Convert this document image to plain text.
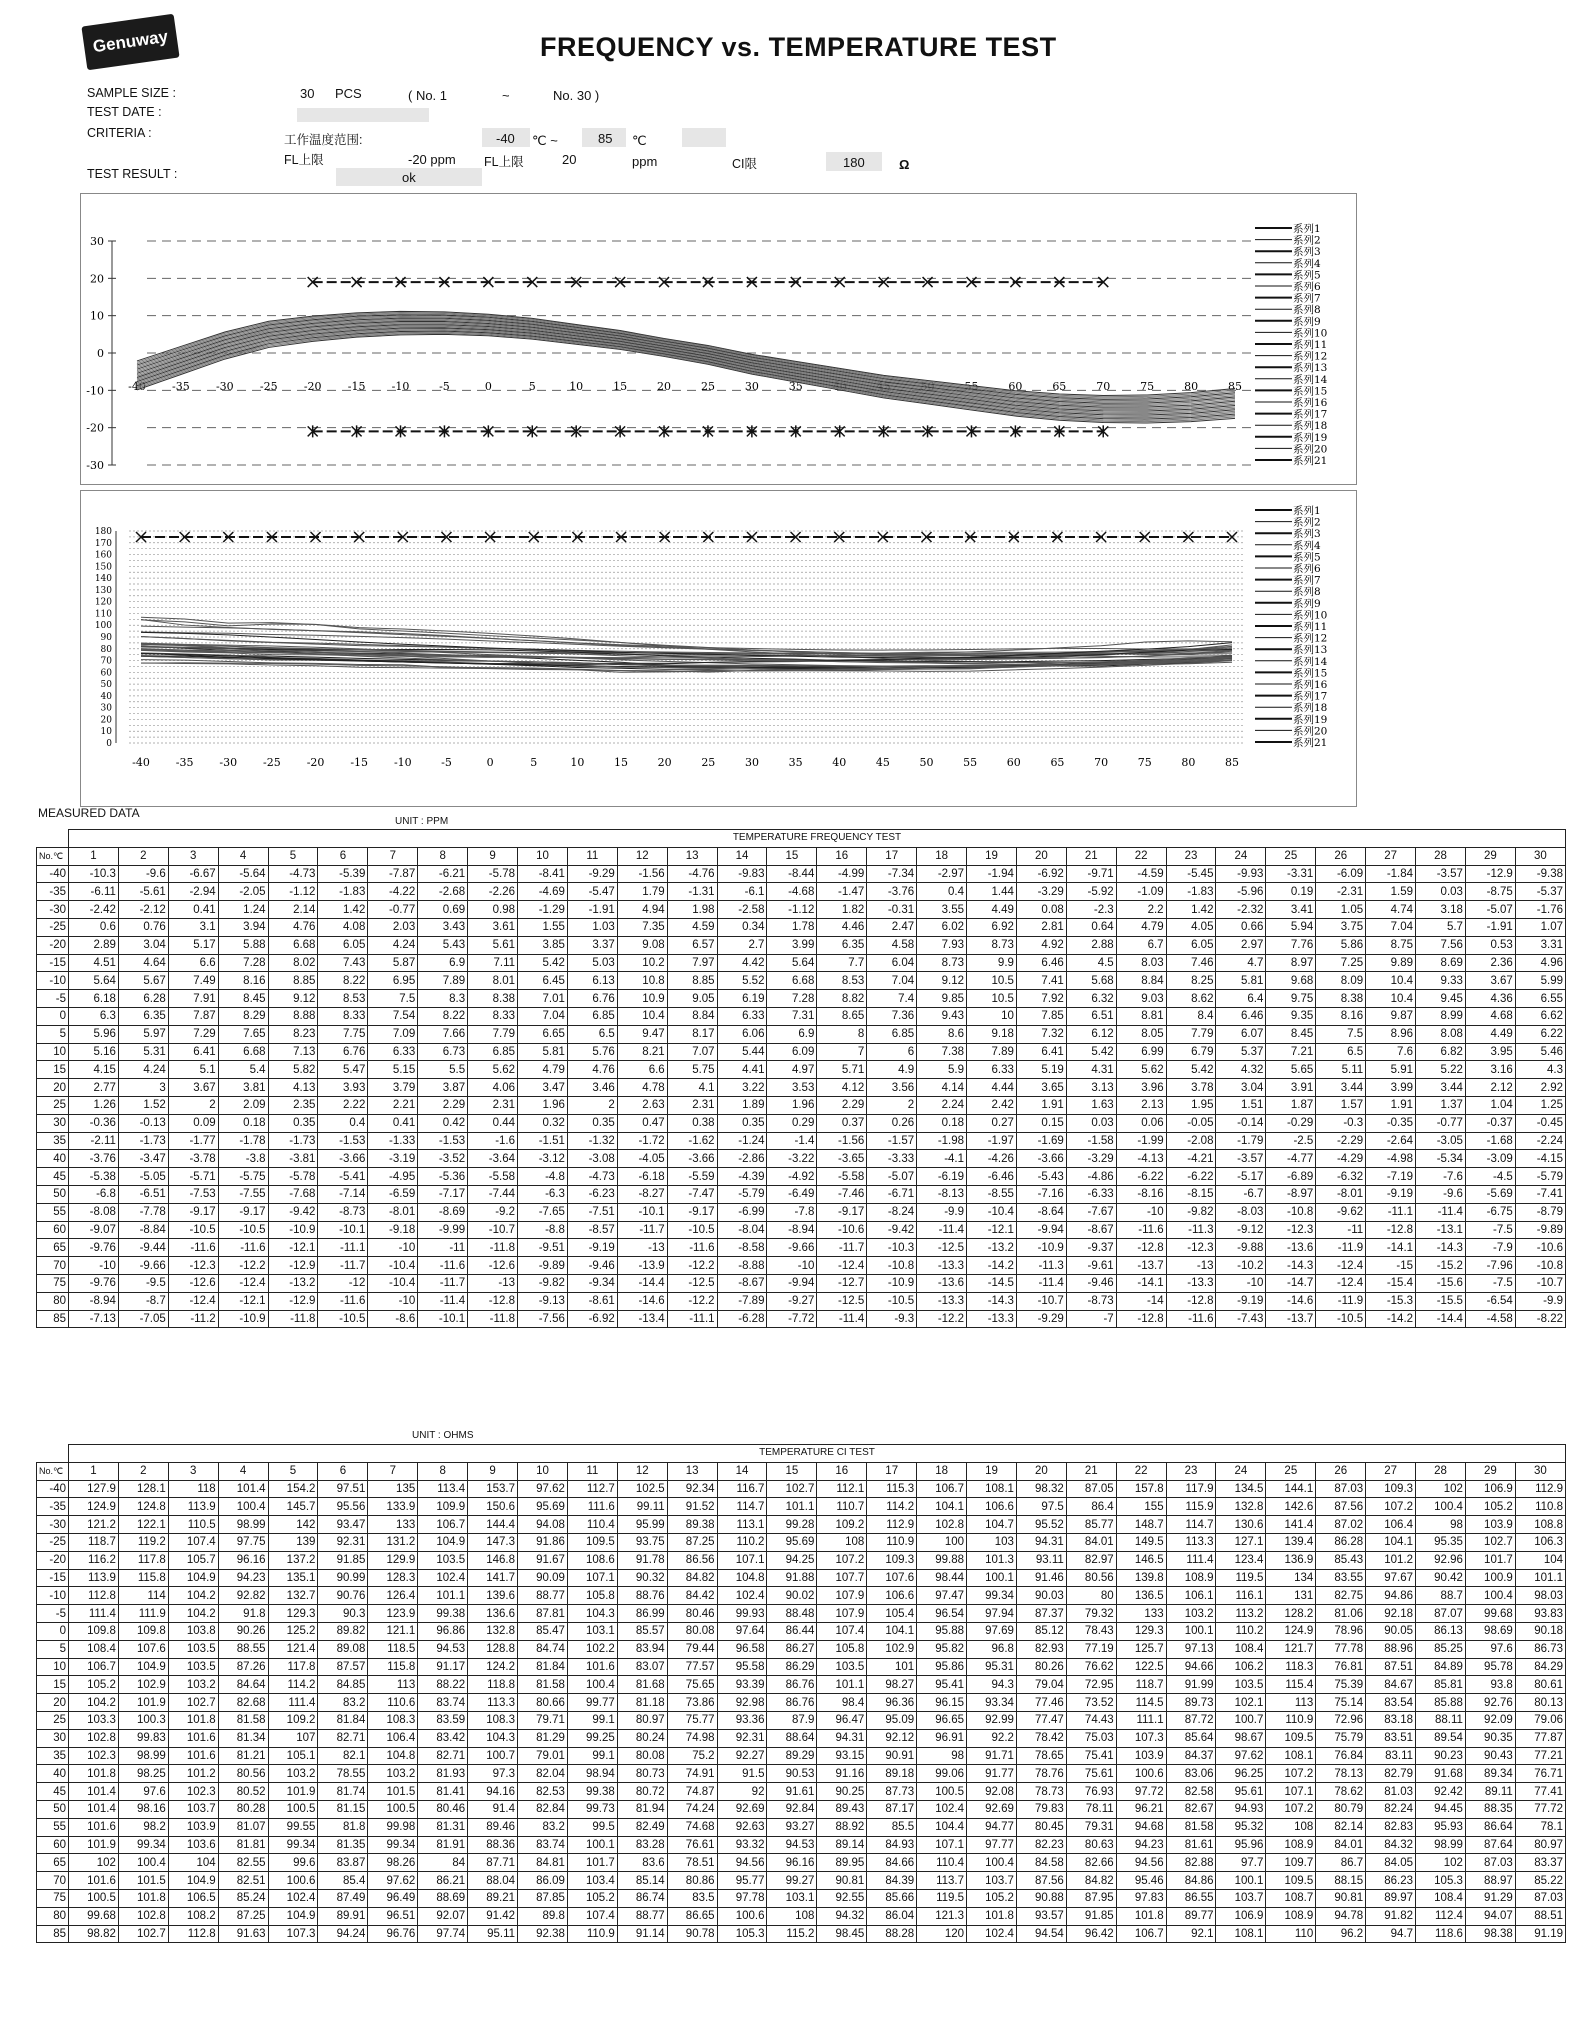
Genuway	FREQUENCY vs. TEMPERATURE TEST
SAMPLE SIZE :	30 PCS	( No. 1	~	No. 30 )
TEST DATE :
CRITERIA :	工作温度范围:	-40 ℃ ~	85 ℃
FL上限	-20 ppm FL上限	20	ppm	CI限	180	Ω
TEST RESULT :	ok
30
20
10
0
-10
-20
-30
-40 -35 -30 -25 -20 -15 -10	-5	0	5	10	15	20	25	30	35	40	45	50	55	60	65	70	75	80	85
系列1
系列2
系列3
系列4
系列5
系列6
系列7
系列8
系列9
系列10
系列11
系列12
系列13
系列14
系列15
系列16
系列17
系列18
系列19
系列20
系列21
180
170
160
150
140
130
120
110
100
90
80
70
60
50
40
30
20
10
0
-40 -35 -30 -25 -20 -15 -10	-5	0	5	10	15	20	25	30	35	40	45	50	55	60	65	70	75	80	85
系列1
系列2
系列3
系列4
系列5
系列6
系列7
系列8
系列9
系列10
系列11
系列12
系列13
系列14
系列15
系列16
系列17
系列18
系列19
系列20
系列21
MEASURED DATA
UNIT : PPM
	TEMPERATURE FREQUENCY TEST																													

No.℃	1	2	3	4	5	6	7	8	9	10	11	12	13	14	15	16	17	18	19	20	21	22	23	24	25	26	27	28	29	30
-40	-10.3	-9.6	-6.67	-5.64	-4.73	-5.39	-7.87	-6.21	-5.78	-8.41	-9.29	-1.56	-4.76	-9.83	-8.44	-4.99	-7.34	-2.97	-1.94	-6.92	-9.71	-4.59	-5.45	-9.93	-3.31	-6.09	-1.84	-3.57	-12.9	-9.38
-35	-6.11	-5.61	-2.94	-2.05	-1.12	-1.83	-4.22	-2.68	-2.26	-4.69	-5.47	1.79	-1.31	-6.1	-4.68	-1.47	-3.76	0.4	1.44	-3.29	-5.92	-1.09	-1.83	-5.96	0.19	-2.31	1.59	0.03	-8.75	-5.37
-30	-2.42	-2.12	0.41	1.24	2.14	1.42	-0.77	0.69	0.98	-1.29	-1.91	4.94	1.98	-2.58	-1.12	1.82	-0.31	3.55	4.49	0.08	-2.3	2.2	1.42	-2.32	3.41	1.05	4.74	3.18	-5.07	-1.76
-25	0.6	0.76	3.1	3.94	4.76	4.08	2.03	3.43	3.61	1.55	1.03	7.35	4.59	0.34	1.78	4.46	2.47	6.02	6.92	2.81	0.64	4.79	4.05	0.66	5.94	3.75	7.04	5.7	-1.91	1.07
-20	2.89	3.04	5.17	5.88	6.68	6.05	4.24	5.43	5.61	3.85	3.37	9.08	6.57	2.7	3.99	6.35	4.58	7.93	8.73	4.92	2.88	6.7	6.05	2.97	7.76	5.86	8.75	7.56	0.53	3.31
-15	4.51	4.64	6.6	7.28	8.02	7.43	5.87	6.9	7.11	5.42	5.03	10.2	7.97	4.42	5.64	7.7	6.04	8.73	9.9	6.46	4.5	8.03	7.46	4.7	8.97	7.25	9.89	8.69	2.36	4.96
-10	5.64	5.67	7.49	8.16	8.85	8.22	6.95	7.89	8.01	6.45	6.13	10.8	8.85	5.52	6.68	8.53	7.04	9.12	10.5	7.41	5.68	8.84	8.25	5.81	9.68	8.09	10.4	9.33	3.67	5.99
-5	6.18	6.28	7.91	8.45	9.12	8.53	7.5	8.3	8.38	7.01	6.76	10.9	9.05	6.19	7.28	8.82	7.4	9.85	10.5	7.92	6.32	9.03	8.62	6.4	9.75	8.38	10.4	9.45	4.36	6.55
0	6.3	6.35	7.87	8.29	8.88	8.33	7.54	8.22	8.33	7.04	6.85	10.4	8.84	6.33	7.31	8.65	7.36	9.43	10	7.85	6.51	8.81	8.4	6.46	9.35	8.16	9.87	8.99	4.68	6.62
5	5.96	5.97	7.29	7.65	8.23	7.75	7.09	7.66	7.79	6.65	6.5	9.47	8.17	6.06	6.9	8	6.85	8.6	9.18	7.32	6.12	8.05	7.79	6.07	8.45	7.5	8.96	8.08	4.49	6.22
10	5.16	5.31	6.41	6.68	7.13	6.76	6.33	6.73	6.85	5.81	5.76	8.21	7.07	5.44	6.09	7	6	7.38	7.89	6.41	5.42	6.99	6.79	5.37	7.21	6.5	7.6	6.82	3.95	5.46
15	4.15	4.24	5.1	5.4	5.82	5.47	5.15	5.5	5.62	4.79	4.76	6.6	5.75	4.41	4.97	5.71	4.9	5.9	6.33	5.19	4.31	5.62	5.42	4.32	5.65	5.11	5.91	5.22	3.16	4.3
20	2.77	3	3.67	3.81	4.13	3.93	3.79	3.87	4.06	3.47	3.46	4.78	4.1	3.22	3.53	4.12	3.56	4.14	4.44	3.65	3.13	3.96	3.78	3.04	3.91	3.44	3.99	3.44	2.12	2.92
25	1.26	1.52	2	2.09	2.35	2.22	2.21	2.29	2.31	1.96	2	2.63	2.31	1.89	1.96	2.29	2	2.24	2.42	1.91	1.63	2.13	1.95	1.51	1.87	1.57	1.91	1.37	1.04	1.25
30	-0.36	-0.13	0.09	0.18	0.35	0.4	0.41	0.42	0.44	0.32	0.35	0.47	0.38	0.35	0.29	0.37	0.26	0.18	0.27	0.15	0.03	0.06	-0.05	-0.14	-0.29	-0.3	-0.35	-0.77	-0.37	-0.45
35	-2.11	-1.73	-1.77	-1.78	-1.73	-1.53	-1.33	-1.53	-1.6	-1.51	-1.32	-1.72	-1.62	-1.24	-1.4	-1.56	-1.57	-1.98	-1.97	-1.69	-1.58	-1.99	-2.08	-1.79	-2.5	-2.29	-2.64	-3.05	-1.68	-2.24
40	-3.76	-3.47	-3.78	-3.8	-3.81	-3.66	-3.19	-3.52	-3.64	-3.12	-3.08	-4.05	-3.66	-2.86	-3.22	-3.65	-3.33	-4.1	-4.26	-3.66	-3.29	-4.13	-4.21	-3.57	-4.77	-4.29	-4.98	-5.34	-3.09	-4.15
45	-5.38	-5.05	-5.71	-5.75	-5.78	-5.41	-4.95	-5.36	-5.58	-4.8	-4.73	-6.18	-5.59	-4.39	-4.92	-5.58	-5.07	-6.19	-6.46	-5.43	-4.86	-6.22	-6.22	-5.17	-6.89	-6.32	-7.19	-7.6	-4.5	-5.79
50	-6.8	-6.51	-7.53	-7.55	-7.68	-7.14	-6.59	-7.17	-7.44	-6.3	-6.23	-8.27	-7.47	-5.79	-6.49	-7.46	-6.71	-8.13	-8.55	-7.16	-6.33	-8.16	-8.15	-6.7	-8.97	-8.01	-9.19	-9.6	-5.69	-7.41
55	-8.08	-7.78	-9.17	-9.17	-9.42	-8.73	-8.01	-8.69	-9.2	-7.65	-7.51	-10.1	-9.17	-6.99	-7.8	-9.17	-8.24	-9.9	-10.4	-8.64	-7.67	-10	-9.82	-8.03	-10.8	-9.62	-11.1	-11.4	-6.75	-8.79
60	-9.07	-8.84	-10.5	-10.5	-10.9	-10.1	-9.18	-9.99	-10.7	-8.8	-8.57	-11.7	-10.5	-8.04	-8.94	-10.6	-9.42	-11.4	-12.1	-9.94	-8.67	-11.6	-11.3	-9.12	-12.3	-11	-12.8	-13.1	-7.5	-9.89
65	-9.76	-9.44	-11.6	-11.6	-12.1	-11.1	-10	-11	-11.8	-9.51	-9.19	-13	-11.6	-8.58	-9.66	-11.7	-10.3	-12.5	-13.2	-10.9	-9.37	-12.8	-12.3	-9.88	-13.6	-11.9	-14.1	-14.3	-7.9	-10.6
70	-10	-9.66	-12.3	-12.2	-12.9	-11.7	-10.4	-11.6	-12.6	-9.89	-9.46	-13.9	-12.2	-8.88	-10	-12.4	-10.8	-13.3	-14.2	-11.3	-9.61	-13.7	-13	-10.2	-14.3	-12.4	-15	-15.2	-7.96	-10.8
75	-9.76	-9.5	-12.6	-12.4	-13.2	-12	-10.4	-11.7	-13	-9.82	-9.34	-14.4	-12.5	-8.67	-9.94	-12.7	-10.9	-13.6	-14.5	-11.4	-9.46	-14.1	-13.3	-10	-14.7	-12.4	-15.4	-15.6	-7.5	-10.7
80	-8.94	-8.7	-12.4	-12.1	-12.9	-11.6	-10	-11.4	-12.8	-9.13	-8.61	-14.6	-12.2	-7.89	-9.27	-12.5	-10.5	-13.3	-14.3	-10.7	-8.73	-14	-12.8	-9.19	-14.6	-11.9	-15.3	-15.5	-6.54	-9.9
85	-7.13	-7.05	-11.2	-10.9	-11.8	-10.5	-8.6	-10.1	-11.8	-7.56	-6.92	-13.4	-11.1	-6.28	-7.72	-11.4	-9.3	-12.2	-13.3	-9.29	-7	-12.8	-11.6	-7.43	-13.7	-10.5	-14.2	-14.4	-4.58	-8.22
UNIT : OHMS
	TEMPERATURE CI TEST																													

No.℃	1	2	3	4	5	6	7	8	9	10	11	12	13	14	15	16	17	18	19	20	21	22	23	24	25	26	27	28	29	30
-40	127.9	128.1	118	101.4	154.2	97.51	135	113.4	153.7	97.62	112.7	102.5	92.34	116.7	102.7	112.1	115.3	106.7	108.1	98.32	87.05	157.8	117.9	134.5	144.1	87.03	109.3	102	106.9	112.9
-35	124.9	124.8	113.9	100.4	145.7	95.56	133.9	109.9	150.6	95.69	111.6	99.11	91.52	114.7	101.1	110.7	114.2	104.1	106.6	97.5	86.4	155	115.9	132.8	142.6	87.56	107.2	100.4	105.2	110.8
-30	121.2	122.1	110.5	98.99	142	93.47	133	106.7	144.4	94.08	110.4	95.99	89.38	113.1	99.28	109.2	112.9	102.8	104.7	95.52	85.77	148.7	114.7	130.6	141.4	87.02	106.4	98	103.9	108.8
-25	118.7	119.2	107.4	97.75	139	92.31	131.2	104.9	147.3	91.86	109.5	93.75	87.25	110.2	95.69	108	110.9	100	103	94.31	84.01	149.5	113.3	127.1	139.4	86.28	104.1	95.35	102.7	106.3
-20	116.2	117.8	105.7	96.16	137.2	91.85	129.9	103.5	146.8	91.67	108.6	91.78	86.56	107.1	94.25	107.2	109.3	99.88	101.3	93.11	82.97	146.5	111.4	123.4	136.9	85.43	101.2	92.96	101.7	104
-15	113.9	115.8	104.9	94.23	135.1	90.99	128.3	102.4	141.7	90.09	107.1	90.32	84.82	104.8	91.88	107.7	107.6	98.44	100.1	91.46	80.56	139.8	108.9	119.5	134	83.55	97.67	90.42	100.9	101.1
-10	112.8	114	104.2	92.82	132.7	90.76	126.4	101.1	139.6	88.77	105.8	88.76	84.42	102.4	90.02	107.9	106.6	97.47	99.34	90.03	80	136.5	106.1	116.1	131	82.75	94.86	88.7	100.4	98.03
-5	111.4	111.9	104.2	91.8	129.3	90.3	123.9	99.38	136.6	87.81	104.3	86.99	80.46	99.93	88.48	107.9	105.4	96.54	97.94	87.37	79.32	133	103.2	113.2	128.2	81.06	92.18	87.07	99.68	93.83
0	109.8	109.8	103.8	90.26	125.2	89.82	121.1	96.86	132.8	85.47	103.1	85.57	80.08	97.64	86.44	107.4	104.1	95.88	97.69	85.12	78.43	129.3	100.1	110.2	124.9	78.96	90.05	86.13	98.69	90.18
5	108.4	107.6	103.5	88.55	121.4	89.08	118.5	94.53	128.8	84.74	102.2	83.94	79.44	96.58	86.27	105.8	102.9	95.82	96.8	82.93	77.19	125.7	97.13	108.4	121.7	77.78	88.96	85.25	97.6	86.73
10	106.7	104.9	103.5	87.26	117.8	87.57	115.8	91.17	124.2	81.84	101.6	83.07	77.57	95.58	86.29	103.5	101	95.86	95.31	80.26	76.62	122.5	94.66	106.2	118.3	76.81	87.51	84.89	95.78	84.29
15	105.2	102.9	103.2	84.64	114.2	84.85	113	88.22	118.8	81.58	100.4	81.68	75.65	93.39	86.76	101.1	98.27	95.41	94.3	79.04	72.95	118.7	91.99	103.5	115.4	75.39	84.67	85.81	93.8	80.61
20	104.2	101.9	102.7	82.68	111.4	83.2	110.6	83.74	113.3	80.66	99.77	81.18	73.86	92.98	86.76	98.4	96.36	96.15	93.34	77.46	73.52	114.5	89.73	102.1	113	75.14	83.54	85.88	92.76	80.13
25	103.3	100.3	101.8	81.58	109.2	81.84	108.3	83.59	108.3	79.71	99.1	80.97	75.77	93.36	87.9	96.47	95.09	96.65	92.99	77.47	74.43	111.1	87.72	100.7	110.9	72.96	83.18	88.11	92.09	79.06
30	102.8	99.83	101.6	81.34	107	82.71	106.4	83.42	104.3	81.29	99.25	80.24	74.98	92.31	88.64	94.31	92.12	96.91	92.2	78.42	75.03	107.3	85.64	98.67	109.5	75.79	83.51	89.54	90.35	77.87
35	102.3	98.99	101.6	81.21	105.1	82.1	104.8	82.71	100.7	79.01	99.1	80.08	75.2	92.27	89.29	93.15	90.91	98	91.71	78.65	75.41	103.9	84.37	97.62	108.1	76.84	83.11	90.23	90.43	77.21
40	101.8	98.25	101.2	80.56	103.2	78.55	103.2	81.93	97.3	82.04	98.94	80.73	74.91	91.5	90.53	91.16	89.18	99.06	91.77	78.76	75.61	100.6	83.06	96.25	107.2	78.13	82.79	91.68	89.34	76.71
45	101.4	97.6	102.3	80.52	101.9	81.74	101.5	81.41	94.16	82.53	99.38	80.72	74.87	92	91.61	90.25	87.73	100.5	92.08	78.73	76.93	97.72	82.58	95.61	107.1	78.62	81.03	92.42	89.11	77.41
50	101.4	98.16	103.7	80.28	100.5	81.15	100.5	80.46	91.4	82.84	99.73	81.94	74.24	92.69	92.84	89.43	87.17	102.4	92.69	79.83	78.11	96.21	82.67	94.93	107.2	80.79	82.24	94.45	88.35	77.72
55	101.6	98.2	103.9	81.07	99.55	81.8	99.98	81.31	89.46	83.2	99.5	82.49	74.68	92.63	93.27	88.92	85.5	104.4	94.77	80.45	79.31	94.68	81.58	95.32	108	82.14	82.83	95.93	86.64	78.1
60	101.9	99.34	103.6	81.81	99.34	81.35	99.34	81.91	88.36	83.74	100.1	83.28	76.61	93.32	94.53	89.14	84.93	107.1	97.77	82.23	80.63	94.23	81.61	95.96	108.9	84.01	84.32	98.99	87.64	80.97
65	102	100.4	104	82.55	99.6	83.87	98.26	84	87.71	84.81	101.7	83.6	78.51	94.56	96.16	89.95	84.66	110.4	100.4	84.58	82.66	94.56	82.88	97.7	109.7	86.7	84.05	102	87.03	83.37
70	101.6	101.5	104.9	82.51	100.6	85.4	97.62	86.21	88.04	86.09	103.4	85.14	80.86	95.77	99.27	90.81	84.39	113.7	103.7	87.56	84.82	95.46	84.86	100.1	109.5	88.15	86.23	105.3	88.97	85.22
75	100.5	101.8	106.5	85.24	102.4	87.49	96.49	88.69	89.21	87.85	105.2	86.74	83.5	97.78	103.1	92.55	85.66	119.5	105.2	90.88	87.95	97.83	86.55	103.7	108.7	90.81	89.97	108.4	91.29	87.03
80	99.68	102.8	108.2	87.25	104.9	89.91	96.51	92.07	91.42	89.8	107.4	88.77	86.65	100.6	108	94.32	86.04	121.3	101.8	93.57	91.85	101.8	89.77	106.9	108.9	94.78	91.82	112.4	94.07	88.51
85	98.82	102.7	112.8	91.63	107.3	94.24	96.76	97.74	95.11	92.38	110.9	91.14	90.78	105.3	115.2	98.45	88.28	120	102.4	94.54	96.42	106.7	92.1	108.1	110	96.2	94.7	118.6	98.38	91.19
